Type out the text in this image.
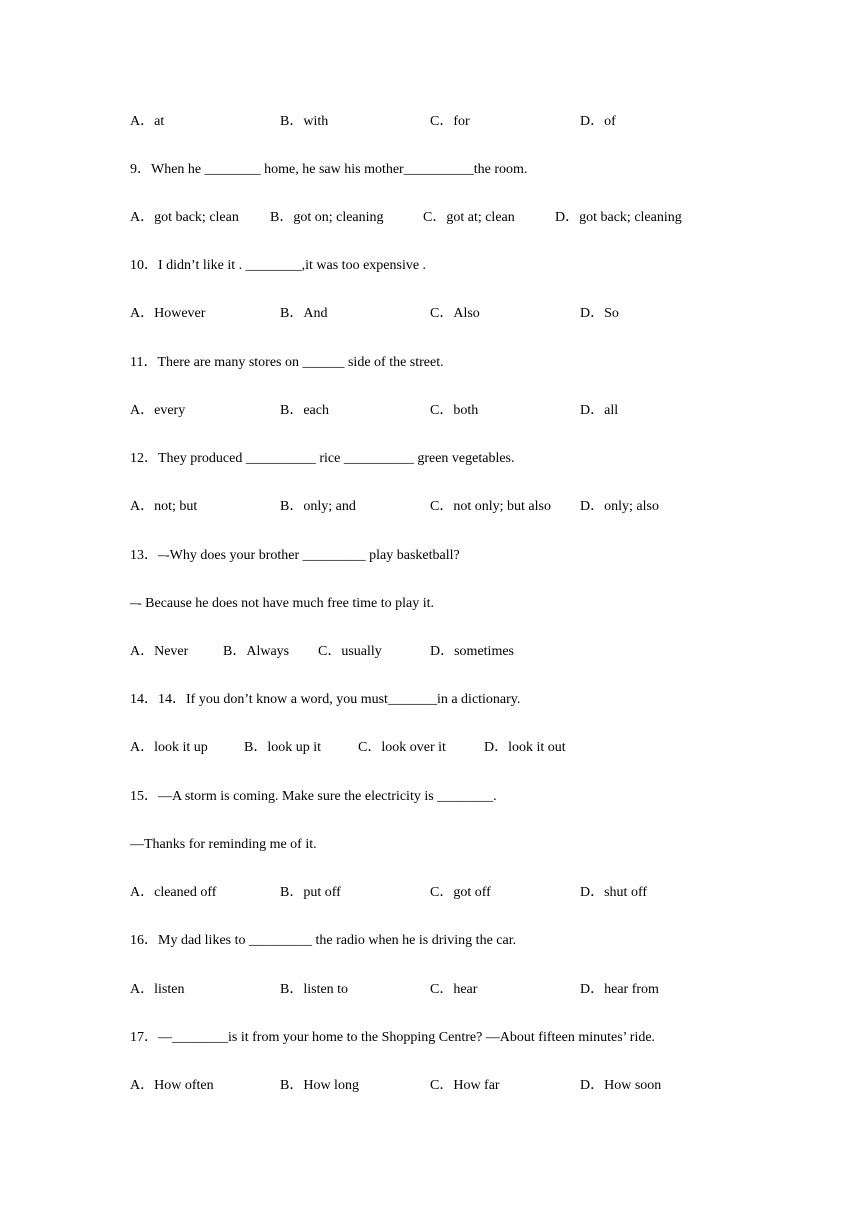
A．at	B．with	C．for	D．of
9．When he ________ home, he saw his mother__________the room.
A．got back; clean B．got on; cleaning	C．got at; clean	D．got back; cleaning
10．I didn’t like it . ________,it was too expensive .
A．However	B．And	C．Also	D．So
11．There are many stores on ______ side of the street.
A．every	B．each	C．both	D．all
12．They produced __________ rice __________ green vegetables.
A．not; but	B．only; and	C．not only; but also D．only; also
13．–-Why does your brother _________ play basketball?
–- Because he does not have much free time to play it.
A．Never B．Always C．usually	D．sometimes
14．14．If you don’t know a word, you must_______in a dictionary.
A．look it up	B．look up it	C．look over it	D．look it out
15．—A storm is coming. Make sure the electricity is ________.
—Thanks for reminding me of it.
A．cleaned off	B．put off	C．got off	D．shut off
16．My dad likes to _________ the radio when he is driving the car.
A．listen	B．listen to	C．hear	D．hear from
17．—________is it from your home to the Shopping Centre? —About fifteen minutes’ ride.
A．How often	B．How long	C．How far	D．How soon
